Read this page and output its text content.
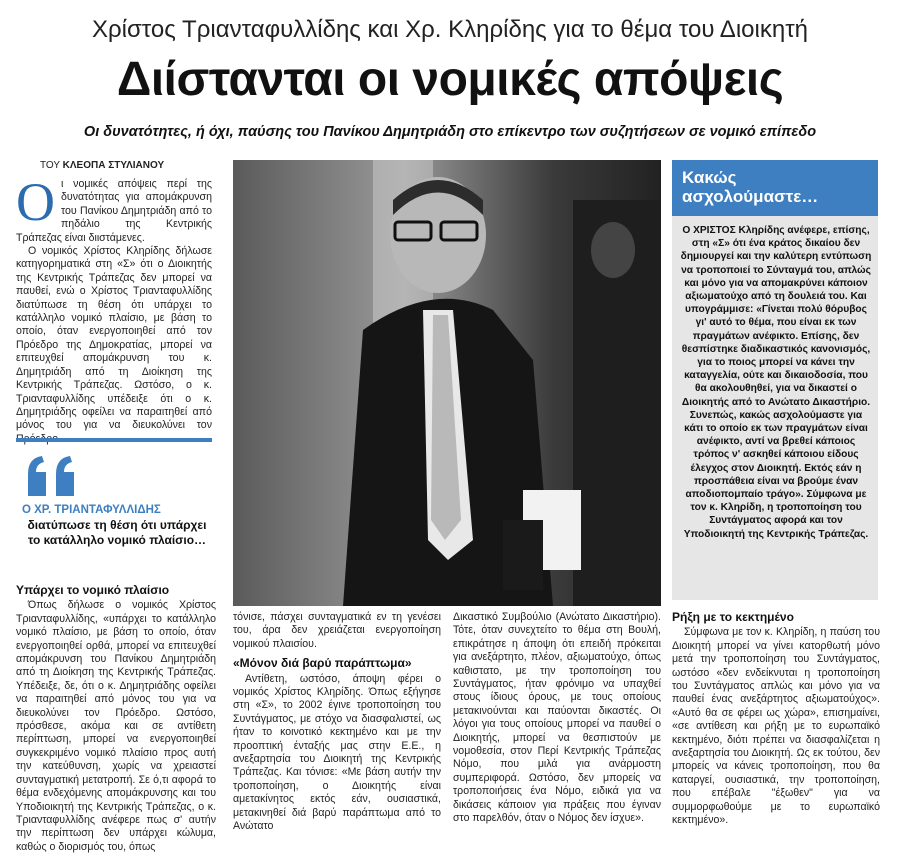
Χρίστος Τριανταφυλλίδης και Χρ. Κληρίδης για το θέμα του Διοικητή
Διίστανται οι νομικές απόψεις
Οι δυνατότητες, ή όχι, παύσης του Πανίκου Δημητριάδη στο επίκεντρο των συζητήσεων σε νομικό επίπεδο
ΤΟΥ ΚΛΕΟΠΑ ΣΤΥΛΙΑΝΟΥ
Ο ι νομικές απόψεις περί της δυνατότητας για απομάκρυνση του Πανίκου Δημητριάδη από το πηδάλιο της Κεντρικής Τράπεζας είναι διιστάμενες.

Ο νομικός Χρίστος Κληρίδης δήλωσε κατηγορηματικά στη «Σ» ότι ο Διοικητής της Κεντρικής Τράπεζας δεν μπορεί να παυθεί, ενώ ο Χρίστος Τριανταφυλλίδης διατύπωσε τη θέση ότι υπάρχει το κατάλληλο νομικό πλαίσιο, με βάση το οποίο, όταν ενεργοποιηθεί από τον Πρόεδρο της Δημοκρατίας, μπορεί να επιτευχθεί απομάκρυνση του κ. Δημητριάδη από τη Διοίκηση της Κεντρικής Τράπεζας. Ωστόσο, ο κ. Τριανταφυλλίδης υπέδειξε ότι ο κ. Δημητριάδης οφείλει να παραιτηθεί από μόνος του για να διευκολύνει τον

Ο ΧΡ. ΤΡΙΑΝΤΑΦΥΛΛΙΔΗΣ
διατύπωσε τη θέση ότι υπάρχει το κατάλληλο νομικό πλαίσιο…
Υπάρχει το νομικό πλαίσιο

Όπως δήλωσε ο νομικός Χρίστος Τριανταφυλλίδης, «υπάρχει το κατάλληλο νομικό πλαίσιο, με βάση το οποίο, όταν ενεργοποιηθεί ορθά, μπορεί να επιτευχθεί απομάκρυνση του Πανίκου Δημητριάδη από τη Διοίκηση της Κεντρικής Τράπεζας. Υπέδειξε, δε, ότι ο κ. Δημητριάδης οφείλει να παραιτηθεί από μόνος του για να διευκολύνει τον Πρόεδρο. Ωστόσο, πρόσθεσε, ακόμα και σε αντίθετη περίπτωση, μπορεί να ενεργοποιηθεί συγκεκριμένο νομικό πλαίσιο προς αυτή την κατεύθυνση, χωρίς να χρειαστεί συνταγματική μετατροπή. Σε ό,τι αφορά το θέμα ενδεχόμενης απομάκρυνσης και του Υποδιοικητή της Κεντρικής Τράπεζας, ο κ. Τριανταφυλλίδης ανέφερε πως σ' αυτήν την περίπτωση δεν υπάρχει κώλυμα, καθώς ο διορισμός του, όπως

τόνισε, πάσχει συνταγματικά εν τη γενέσει του, άρα δεν χρειάζεται ενεργοποίηση νομικού πλαισίου.

«Μόνον διά βαρύ παράπτωμα»

Αντίθετη, ωστόσο, άποψη φέρει ο νομικός Χρίστος Κληρίδης. Όπως εξήγησε στη «Σ», το 2002 έγινε τροποποίηση του Συντάγματος, με στόχο να διασφαλιστεί, ως ήταν το κοινοτικό κεκτημένο και με την προοπτική ένταξής μας στην Ε.Ε., η ανεξαρτησία του Διοικητή της Κεντρικής Τράπεζας. Και τόνισε: «Με βάση αυτήν την τροποποίηση, ο Διοικητής είναι αμετακίνητος εκτός εάν, ουσιαστικά, μετακινηθεί διά βαρύ παράπτωμα από το Ανώτατο

Δικαστικό Συμβούλιο (Ανώτατο Δικαστήριο). Τότε, όταν συνεχτείτο το θέμα στη Βουλή, επικράτησε η άποψη ότι επειδή πρόκειται για ανεξάρτητο, πλέον, αξιωματούχο, όπως καθιστατο, με την τροποποίηση του Συντάγματος, ήταν φρόνιμο να υπαχθεί στους ίδιους όρους, με τους οποίους μετακινούνται και παύονται δικαστές. Οι λόγοι για τους οποίους μπορεί να παυθεί ο Διοικητής, μπορεί να θεσπιστούν με νομοθεσία, στον Περί Κεντρικής Τράπεζας Νόμο, που μιλά για ανάρμοστη συμπεριφορά. Ωστόσο, δεν μπορείς να τροποποιήσεις ένα Νόμο, ειδικά για να δικάσεις κάποιον για πράξεις που έγιναν στο παρελθόν, όταν ο Νόμος δεν ίσχυε».

Κακώς ασχολούμαστε…
Ο ΧΡΙΣΤΟΣ Κληρίδης ανέφερε, επίσης, στη «Σ» ότι ένα κράτος δικαίου δεν δημιουργεί και την καλύτερη εντύπωση να τροποποιεί το Σύνταγμά του, απλώς και μόνο για να απομακρύνει κάποιον αξιωματούχο από τη δουλειά του. Και υπογράμμισε: «Γίνεται πολύ θόρυβος γι' αυτό το θέμα, που είναι εκ των πραγμάτων ανέφικτο. Επίσης, δεν θεσπίστηκε διαδικαστικός κανονισμός, για το ποιος μπορεί να κάνει την καταγγελία, ούτε και δικαιοδοσία, που θα ακολουθηθεί, για να δικαστεί ο Διοικητής από το Ανώτατο Δικαστήριο. Συνεπώς, κακώς ασχολούμαστε για κάτι το οποίο εκ των πραγμάτων είναι ανέφικτο, αντί να βρεθεί κάποιος τρόπος ν' ασκηθεί κάποιου είδους έλεγχος στον Διοικητή. Εκτός εάν η προσπάθεια είναι να βρούμε έναν αποδιοπομπαίο τράγο». Σύμφωνα με τον κ. Κληρίδη, η τροποποίηση του Συντάγματος αφορά και τον Υποδιοικητή της Κεντρικής Τράπεζας.
Ρήξη με το κεκτημένο

Σύμφωνα με τον κ. Κληρίδη, η παύση του Διοικητή μπορεί να γίνει κατορθωτή μόνο μετά την τροποποίηση του Συντάγματος, ωστόσο «δεν ενδείκνυται η τροποποίηση του Συντάγματος απλώς και μόνο για να παυθεί ένας ανεξάρτητος αξιωματούχος». «Αυτό θα σε φέρει ως χώρα», επισημαίνει, «σε αντίθεση και ρήξη με το ευρωπαϊκό κεκτημένο, διότι πρέπει να διασφαλίζεται η ανεξαρτησία του Διοικητή. Ως εκ τούτου, δεν μπορείς να κάνεις τροποποίηση, που θα καταργεί, ουσιαστικά, την τροποποίηση, που επέβαλε "έξωθεν" για να συμμορφωθούμε με το ευρωπαϊκό κεκτημένο».
